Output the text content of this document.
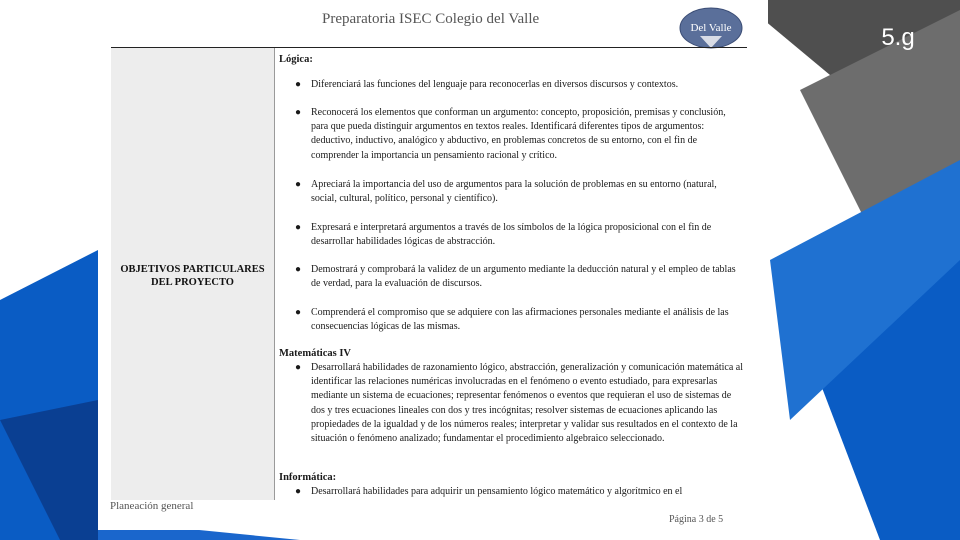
5.g
Preparatoria ISEC Colegio del Valle
Del Valle
OBJETIVOS PARTICULARES DEL PROYECTO
Lógica:
● Diferenciará las funciones del lenguaje para reconocerlas en diversos discursos y contextos.
● Reconocerá los elementos que conforman un argumento: concepto, proposición, premisas y conclusión, para que pueda distinguir argumentos en textos reales. Identificará diferentes tipos de argumentos: deductivo, inductivo, analógico y abductivo, en problemas concretos de su entorno, con el fin de comprender la importancia un pensamiento racional y crítico.
● Apreciará la importancia del uso de argumentos para la solución de problemas en su entorno (natural, social, cultural, político, personal y científico).
● Expresará e interpretará argumentos a través de los símbolos de la lógica proposicional con el fin de desarrollar habilidades lógicas de abstracción.
● Demostrará y comprobará la validez de un argumento mediante la deducción natural y el empleo de tablas de verdad, para la evaluación de discursos.
● Comprenderá el compromiso que se adquiere con las afirmaciones personales mediante el análisis de las consecuencias lógicas de las mismas.
Matemáticas IV
● Desarrollará habilidades de razonamiento lógico, abstracción, generalización y comunicación matemática al identificar las relaciones numéricas involucradas en el fenómeno o evento estudiado, para expresarlas mediante un sistema de ecuaciones; representar fenómenos o eventos que requieran el uso de sistemas de dos y tres ecuaciones lineales con dos y tres incógnitas; resolver sistemas de ecuaciones aplicando las propiedades de la igualdad y de los números reales; interpretar y validar sus resultados en el contexto de la situación o fenómeno analizado; fundamentar el procedimiento algebraico seleccionado.
Informática:
● Desarrollará habilidades para adquirir un pensamiento lógico matemático y algorítmico en el
Planeación general
Página 3 de 5
